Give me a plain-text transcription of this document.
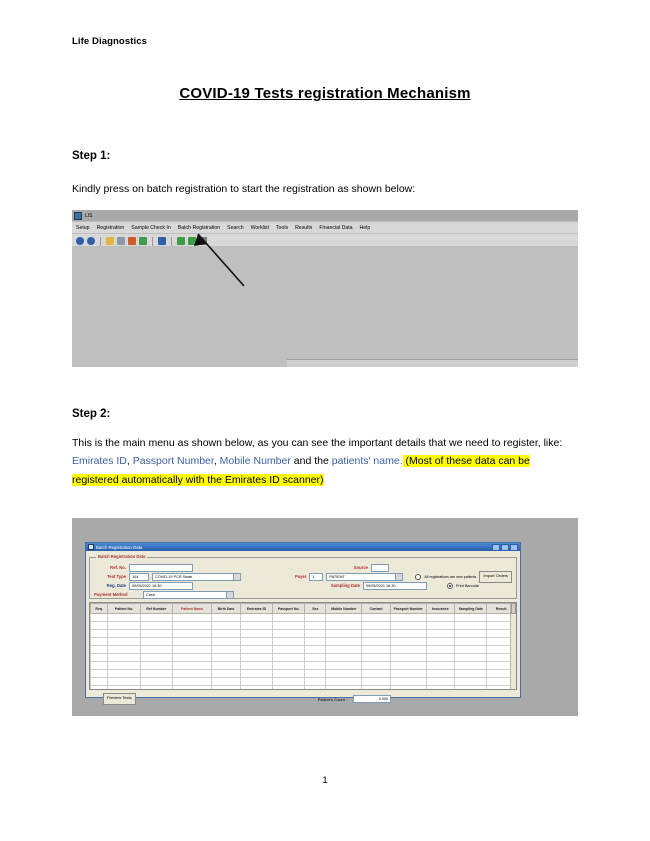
Life Diagnostics
COVID-19 Tests registration Mechanism
Step 1:
Kindly press on batch registration to start the registration as shown below:
LIS
Setup Registration Sample Check In Batch Registration Search Worklist Tools Results Financial Data Help
Step 2:
This is the main menu as shown below, as you can see the important details that we need to register, like: Emirates ID, Passport Number, Mobile Number and the patients' name. (Most of these data can be registered automatically with the Emirates ID scanner)
Batch Registration Data
Batch Registration Data
Ref. No.	Source
Test Type	104	COVID-19 PCR Swab	Payer	1	PATIENT	All registrations are new patients	Import Orders
Reg. Date	09/05/2021 16:30	Sampling Date	09/05/2021 16:30	Print Barcode
Payment Method	Cash
Req.	Patient No.	Ref Number	Patient Name	Birth Date	Emirates ID	Passport No.	Sex	Mobile Number	Contact	Passport Number	Insurance	Sampling Date	Result

Preview Tests	Patient's Count :	0.000
1
